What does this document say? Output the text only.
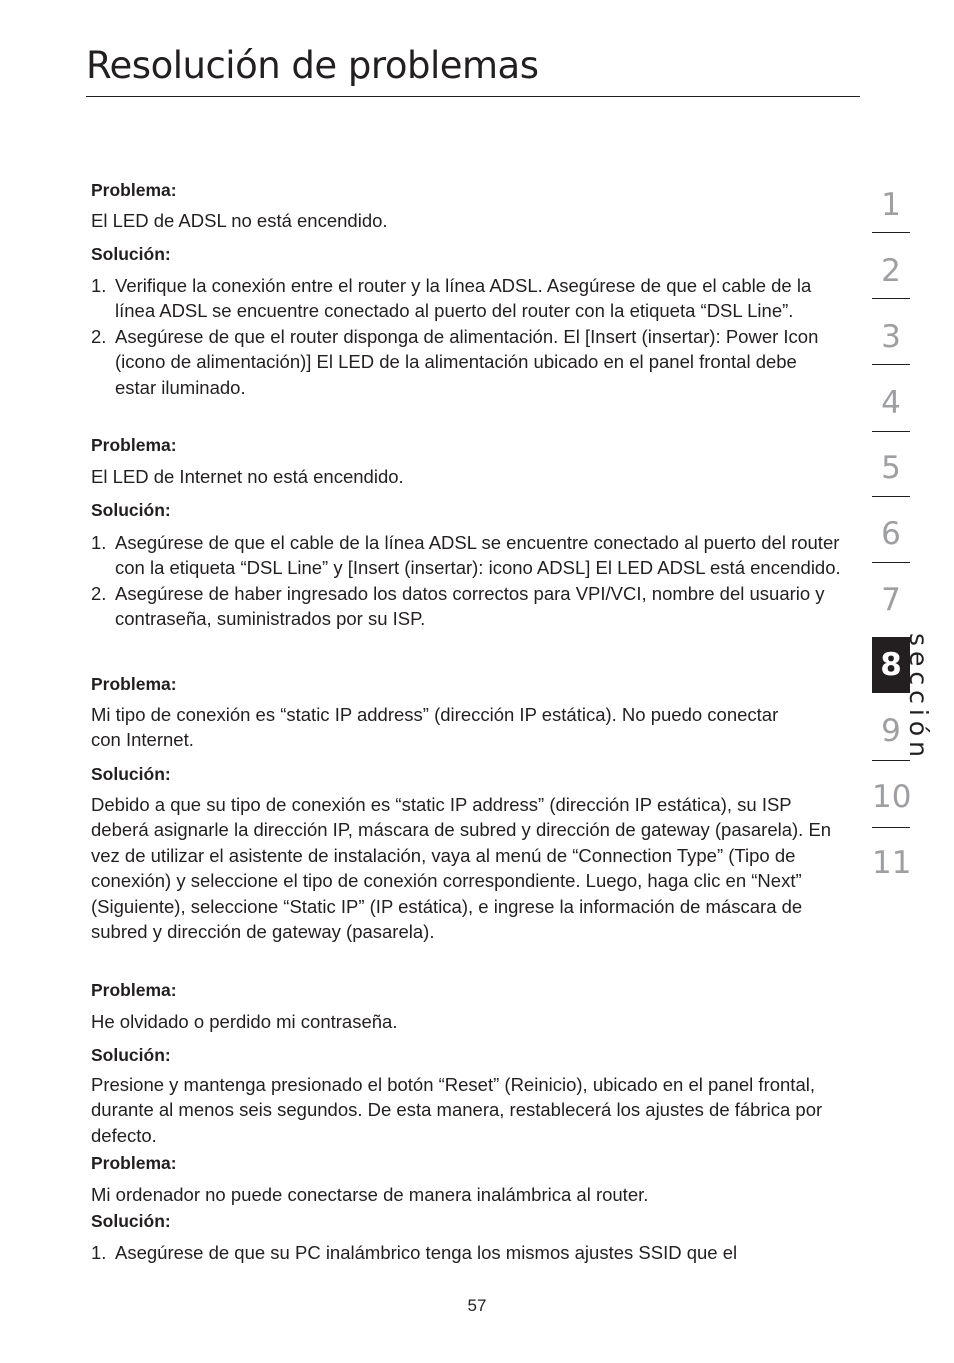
Resolución de problemas
Problema:
El LED de ADSL no está encendido.
Solución:
1. Verifique la conexión entre el router y la línea ADSL. Asegúrese de que el cable de la línea ADSL se encuentre conectado al puerto del router con la etiqueta “DSL Line”.
2. Asegúrese de que el router disponga de alimentación. El [Insert (insertar): Power Icon (icono de alimentación)] El LED de la alimentación ubicado en el panel frontal debe estar iluminado.
Problema:
El LED de Internet no está encendido.
Solución:
1. Asegúrese de que el cable de la línea ADSL se encuentre conectado al puerto del router con la etiqueta “DSL Line” y [Insert (insertar): icono ADSL] El LED ADSL está encendido.
2. Asegúrese de haber ingresado los datos correctos para VPI/VCI, nombre del usuario y contraseña, suministrados por su ISP.
Problema:
Mi tipo de conexión es “static IP address” (dirección IP estática). No puedo conectar con Internet.
Solución:
Debido a que su tipo de conexión es “static IP address” (dirección IP estática), su ISP deberá asignarle la dirección IP, máscara de subred y dirección de gateway (pasarela). En vez de utilizar el asistente de instalación, vaya al menú de “Connection Type” (Tipo de conexión) y seleccione el tipo de conexión correspondiente. Luego, haga clic en “Next” (Siguiente), seleccione “Static IP” (IP estática), e ingrese la información de máscara de subred y dirección de gateway (pasarela).
Problema:
He olvidado o perdido mi contraseña.
Solución:
Presione y mantenga presionado el botón “Reset” (Reinicio), ubicado en el panel frontal, durante al menos seis segundos. De esta manera, restablecerá los ajustes de fábrica por defecto.
Problema:
Mi ordenador no puede conectarse de manera inalámbrica al router.
Solución:
1. Asegúrese de que su PC inalámbrico tenga los mismos ajustes SSID que el
1
2
3
4
5
6
7
8
9
10
11
sección
57
